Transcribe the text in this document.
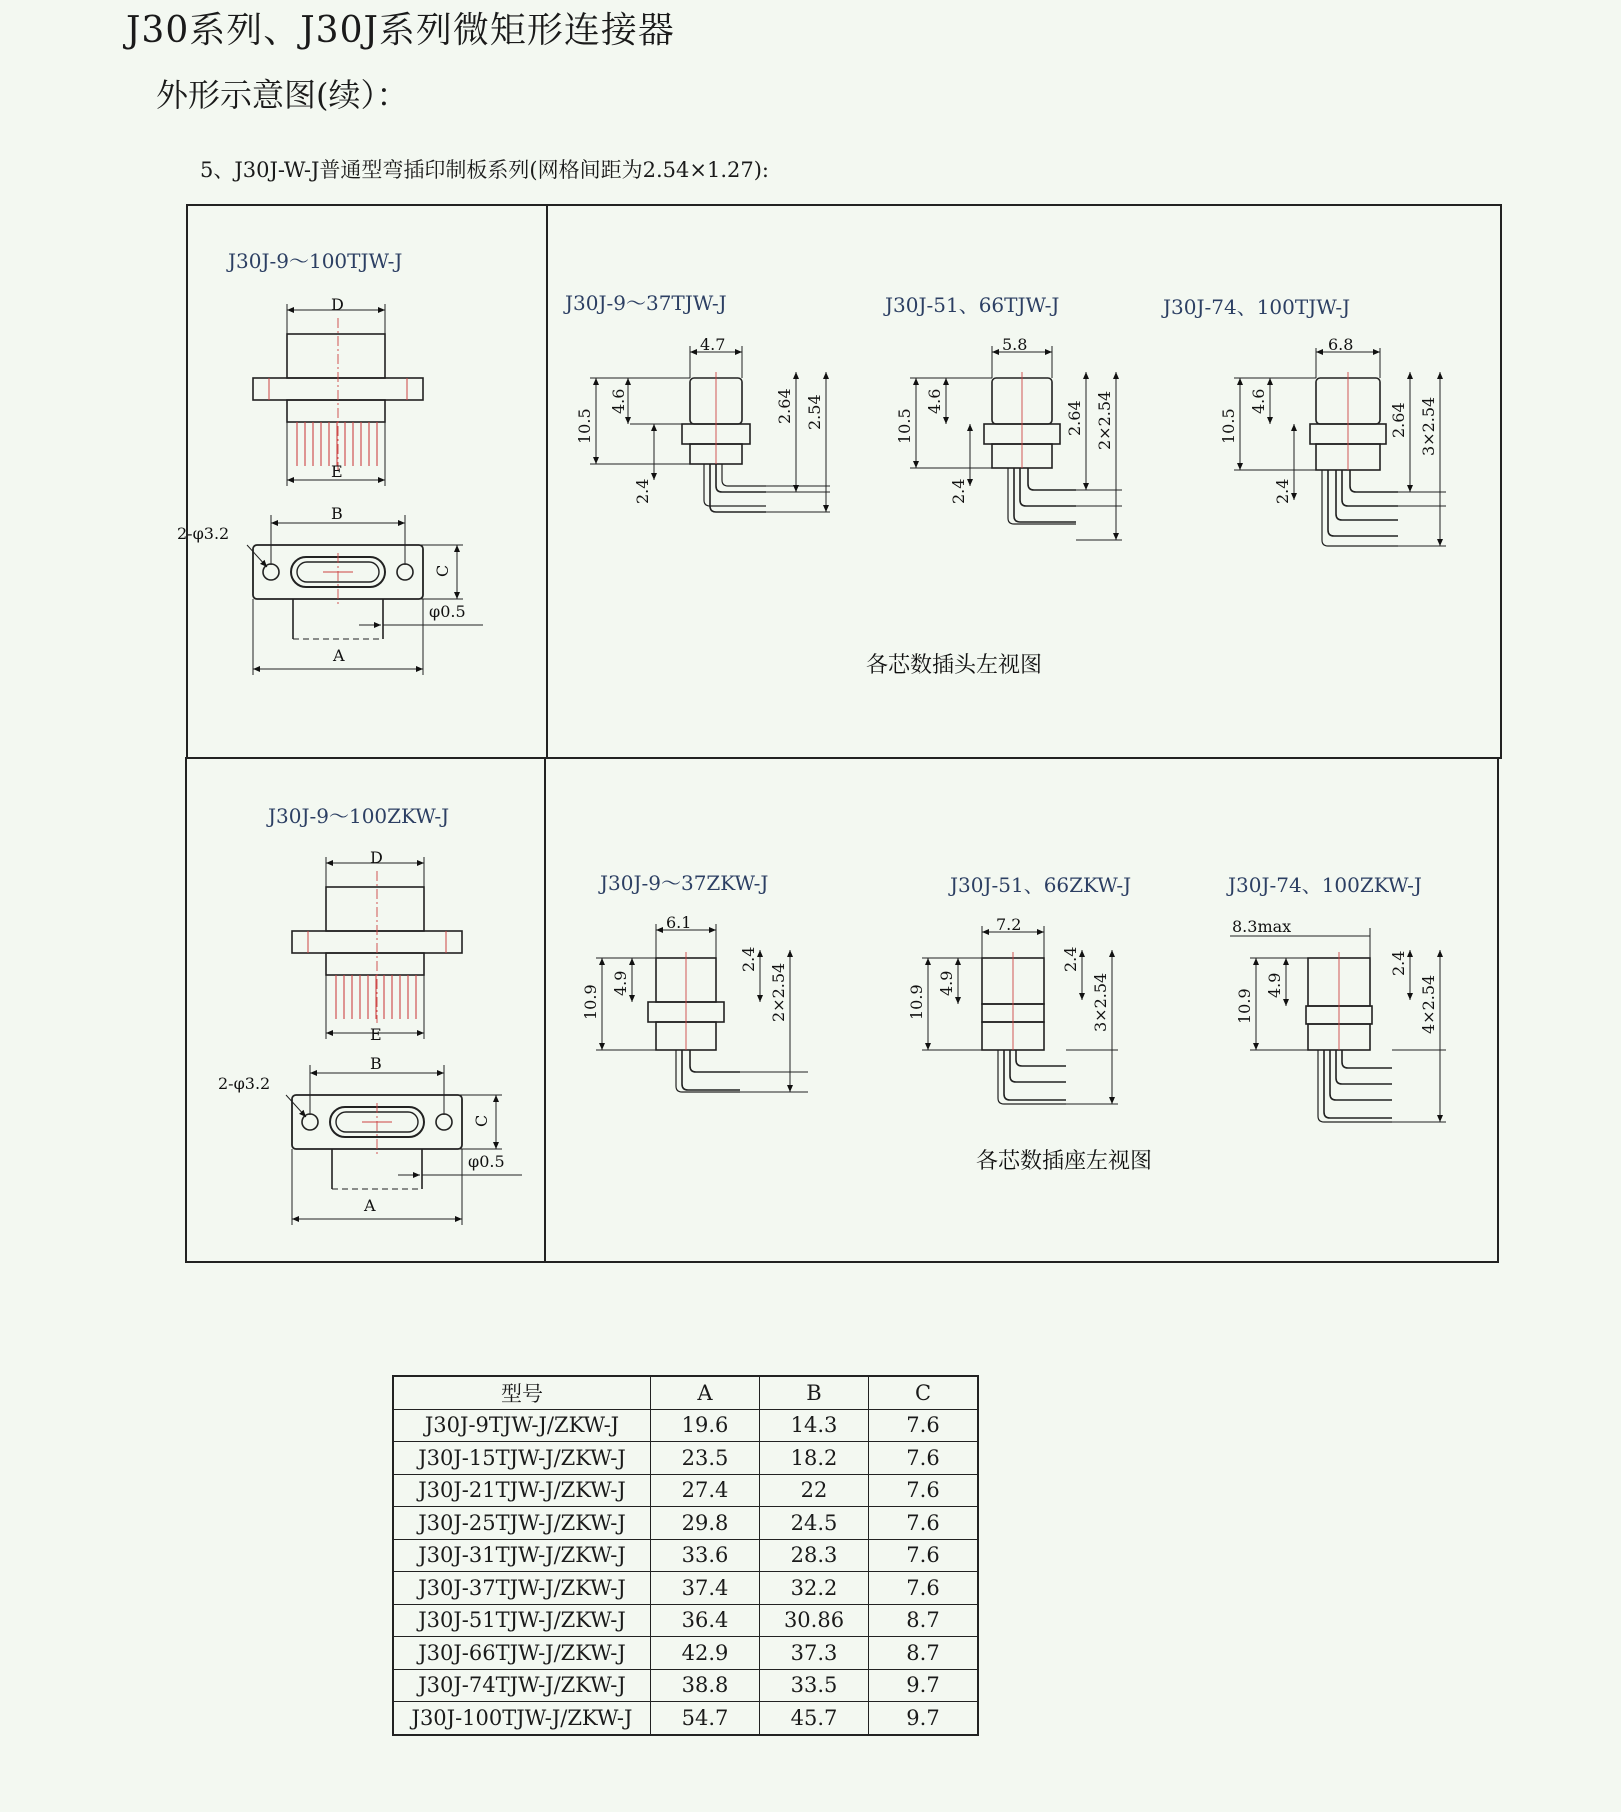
J30系列、J30J系列微矩形连接器
外形示意图(续）：
5、J30J-W-J普通型弯插印制板系列(网格间距为2.54×1.27):
J30J-9～100TJW-J
D
E
B
C
A
2-φ3.2
φ0.5
J30J-9～37TJW-J	J30J-51、66TJW-J	J30J-74、100TJW-J
4.7
10.5
4.6
2.4
2.64 2.54
5.8
10.5
4.6
2.4
2.64 2×2.54
6.8
10.5
4.6
2.4
2.64 3×2.54
各芯数插头左视图
J30J-9～100ZKW-J
D
E
B
C
A
2-φ3.2
φ0.5
J30J-9～37ZKW-J	J30J-51、66ZKW-J	J30J-74、100ZKW-J
6.1
10.9
4.9
2.4
2×2.54
7.2
10.9
4.9
2.4
3×2.54
8.3max
10.9
4.9
2.4
4×2.54
各芯数插座左视图
型号	A	B	C
J30J-9TJW-J/ZKW-J	19.6	14.3	7.6
J30J-15TJW-J/ZKW-J	23.5	18.2	7.6
J30J-21TJW-J/ZKW-J	27.4	22	7.6
J30J-25TJW-J/ZKW-J	29.8	24.5	7.6
J30J-31TJW-J/ZKW-J	33.6	28.3	7.6
J30J-37TJW-J/ZKW-J	37.4	32.2	7.6
J30J-51TJW-J/ZKW-J	36.4	30.86	8.7
J30J-66TJW-J/ZKW-J	42.9	37.3	8.7
J30J-74TJW-J/ZKW-J	38.8	33.5	9.7
J30J-100TJW-J/ZKW-J	54.7	45.7	9.7
